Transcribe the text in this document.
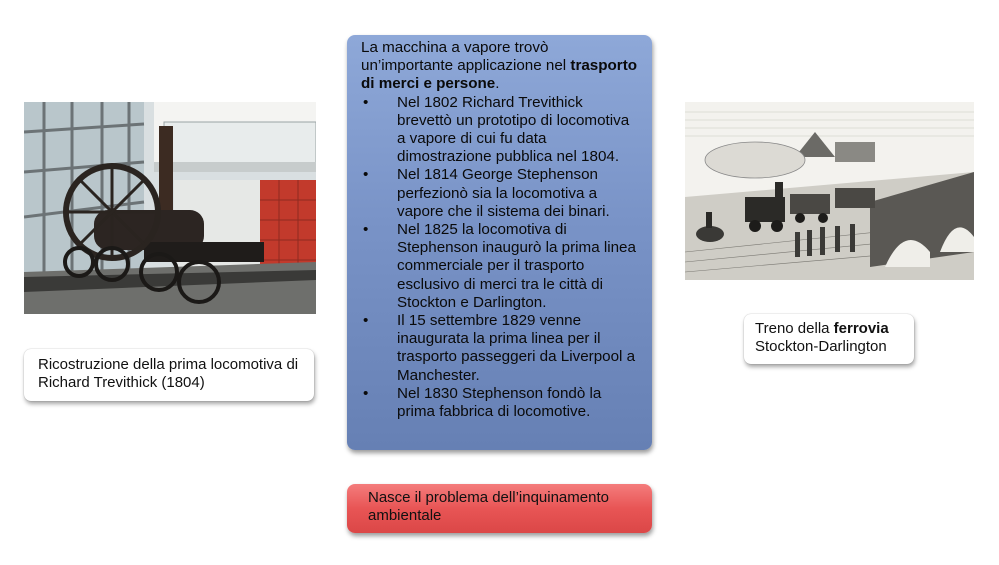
Ricostruzione della prima locomotiva di Richard Trevithick (1804)
La macchina a vapore trovò un’importante applicazione nel trasporto di merci e persone.
•	Nel 1802 Richard Trevithick brevettò un prototipo di locomotiva a vapore di cui fu data dimostrazione pubblica nel 1804.
•	Nel 1814 George Stephenson perfezionò sia la locomotiva a vapore che il sistema dei binari.
•	Nel 1825 la locomotiva di Stephenson inaugurò la prima linea commerciale per il trasporto esclusivo di merci tra le città di Stockton e Darlington.
•	Il 15 settembre 1829 venne inaugurata la prima linea per il trasporto passeggeri da Liverpool a Manchester.
•	Nel 1830 Stephenson fondò la prima fabbrica di locomotive.
Treno della ferrovia
Stockton-Darlington
Nasce il problema dell’inquinamento ambientale
